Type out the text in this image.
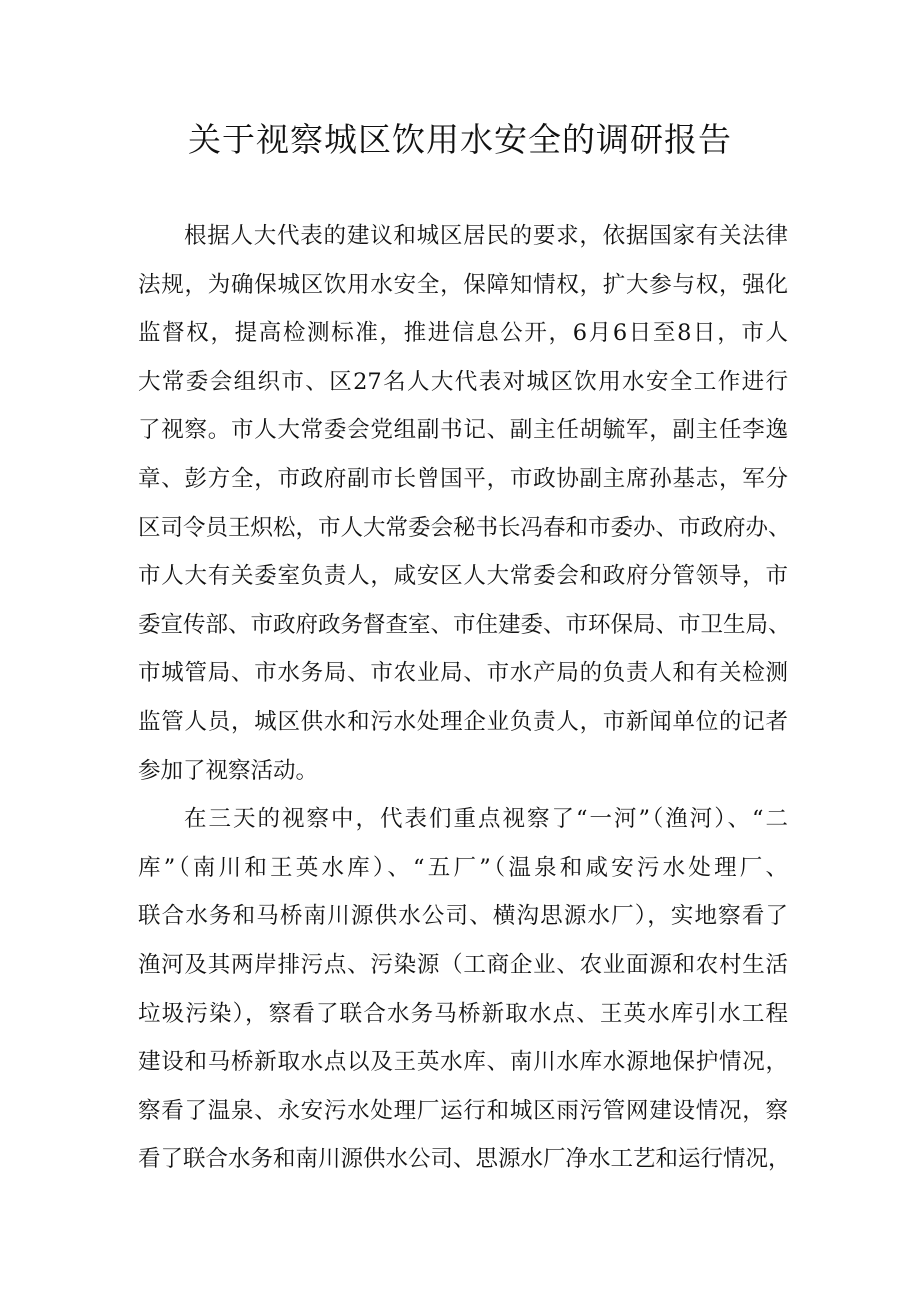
关于视察城区饮用水安全的调研报告
根据人大代表的建议和城区居民的要求，依据国家有关法律
法规，为确保城区饮用水安全，保障知情权，扩大参与权，强化
监督权，提高检测标准，推进信息公开，6月6日至8日，市人
大常委会组织市、区27名人大代表对城区饮用水安全工作进行
了视察。市人大常委会党组副书记、副主任胡毓军，副主任李逸
章、彭方全，市政府副市长曾国平，市政协副主席孙基志，军分
区司令员王炽松，市人大常委会秘书长冯春和市委办、市政府办、
市人大有关委室负责人，咸安区人大常委会和政府分管领导，市
委宣传部、市政府政务督查室、市住建委、市环保局、市卫生局、
市城管局、市水务局、市农业局、市水产局的负责人和有关检测
监管人员，城区供水和污水处理企业负责人，市新闻单位的记者
参加了视察活动。
在三天的视察中，代表们重点视察了“一河”（渔河）、“二
库”（南川和王英水库）、“五厂”（温泉和咸安污水处理厂、
联合水务和马桥南川源供水公司、横沟思源水厂），实地察看了
渔河及其两岸排污点、污染源（工商企业、农业面源和农村生活
垃圾污染），察看了联合水务马桥新取水点、王英水库引水工程
建设和马桥新取水点以及王英水库、南川水库水源地保护情况，
察看了温泉、永安污水处理厂运行和城区雨污管网建设情况，察
看了联合水务和南川源供水公司、思源水厂净水工艺和运行情况，
